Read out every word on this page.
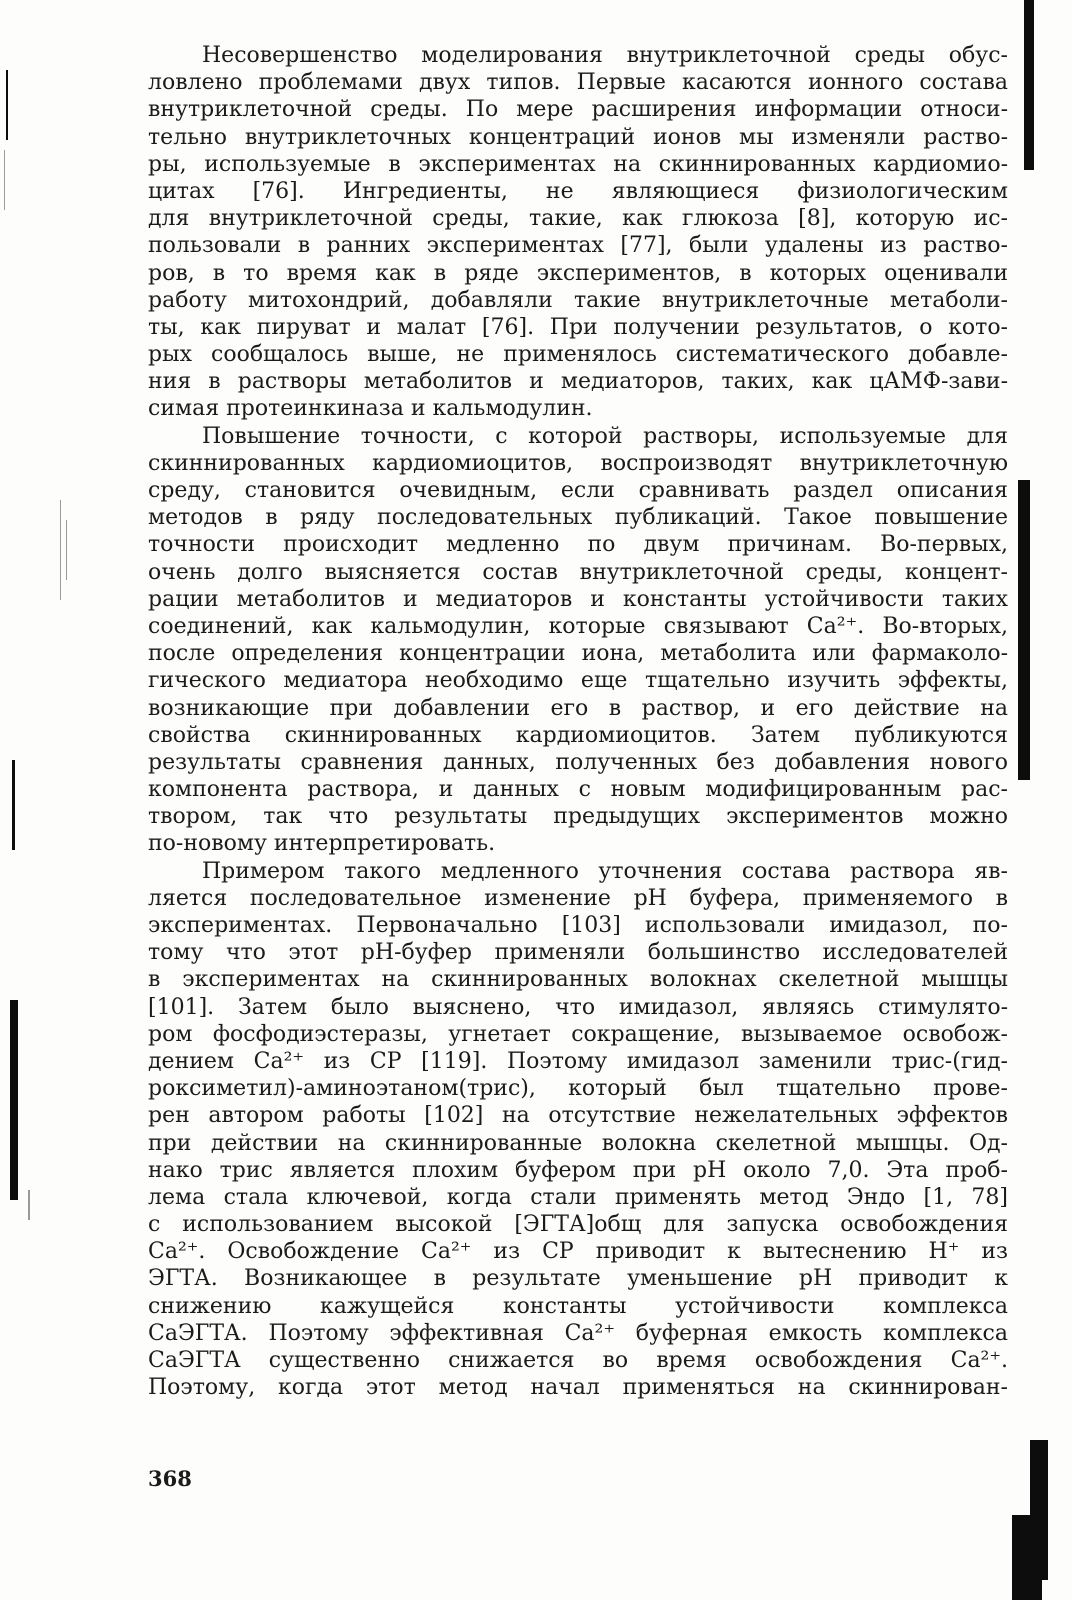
Несовершенство моделирования внутриклеточной среды обус-
ловлено проблемами двух типов. Первые касаются ионного состава
внутриклеточной среды. По мере расширения информации относи-
тельно внутриклеточных концентраций ионов мы изменяли раство-
ры, используемые в экспериментах на скиннированных кардиомио-
цитах [76]. Ингредиенты, не являющиеся физиологическим
для внутриклеточной среды, такие, как глюкоза [8], которую ис-
пользовали в ранних экспериментах [77], были удалены из раство-
ров, в то время как в ряде экспериментов, в которых оценивали
работу митохондрий, добавляли такие внутриклеточные метаболи-
ты, как пируват и малат [76]. При получении результатов, о кото-
рых сообщалось выше, не применялось систематического добавле-
ния в растворы метаболитов и медиаторов, таких, как цАМФ-зави-
симая протеинкиназа и кальмодулин.
Повышение точности, с которой растворы, используемые для
скиннированных кардиомиоцитов, воспроизводят внутриклеточную
среду, становится очевидным, если сравнивать раздел описания
методов в ряду последовательных публикаций. Такое повышение
точности происходит медленно по двум причинам. Во-первых,
очень долго выясняется состав внутриклеточной среды, концент-
рации метаболитов и медиаторов и константы устойчивости таких
соединений, как кальмодулин, которые связывают Ca²⁺. Во-вторых,
после определения концентрации иона, метаболита или фармаколо-
гического медиатора необходимо еще тщательно изучить эффекты,
возникающие при добавлении его в раствор, и его действие на
свойства скиннированных кардиомиоцитов. Затем публикуются
результаты сравнения данных, полученных без добавления нового
компонента раствора, и данных с новым модифицированным рас-
твором, так что результаты предыдущих экспериментов можно
по-новому интерпретировать.
Примером такого медленного уточнения состава раствора яв-
ляется последовательное изменение pH буфера, применяемого в
экспериментах. Первоначально [103] использовали имидазол, по-
тому что этот pH-буфер применяли большинство исследователей
в экспериментах на скиннированных волокнах скелетной мышцы
[101]. Затем было выяснено, что имидазол, являясь стимулято-
ром фосфодиэстеразы, угнетает сокращение, вызываемое освобож-
дением Ca²⁺ из СР [119]. Поэтому имидазол заменили трис-(гид-
роксиметил)-аминоэтаном(трис), который был тщательно прове-
рен автором работы [102] на отсутствие нежелательных эффектов
при действии на скиннированные волокна скелетной мышцы. Од-
нако трис является плохим буфером при pH около 7,0. Эта проб-
лема стала ключевой, когда стали применять метод Эндо [1, 78]
с использованием высокой [ЭГТА]общ для запуска освобождения
Ca²⁺. Освобождение Ca²⁺ из СР приводит к вытеснению H⁺ из
ЭГТА. Возникающее в результате уменьшение pH приводит к
снижению кажущейся константы устойчивости комплекса
CaЭГТА. Поэтому эффективная Ca²⁺ буферная емкость комплекса
CaЭГТА существенно снижается во время освобождения Ca²⁺.
Поэтому, когда этот метод начал применяться на скиннирован-
368
